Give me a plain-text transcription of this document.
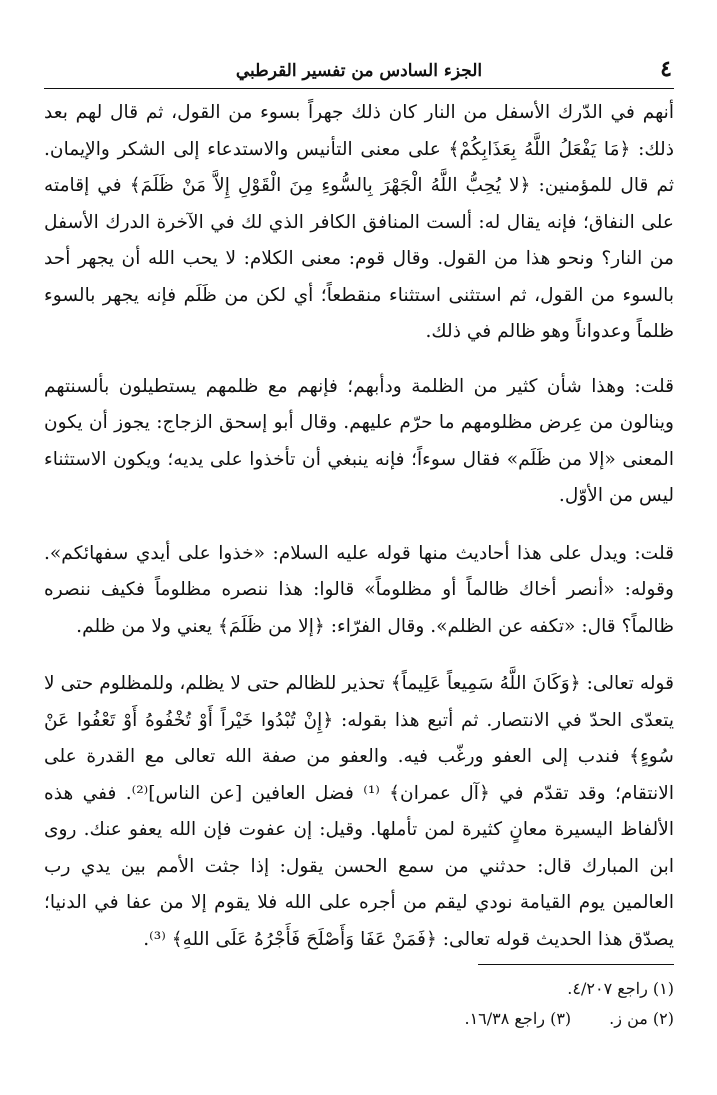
٤
الجزء السادس من تفسير القرطبي

أنهم في الدّرك الأسفل من النار كان ذلك جهراً بسوء من القول، ثم قال لهم بعد ذلك: ﴿مَا يَفْعَلُ اللَّهُ بِعَذَابِكُمْ﴾ على معنى التأنيس والاستدعاء إلى الشكر والإيمان. ثم قال للمؤمنين: ﴿لا يُحِبُّ اللَّهُ الْجَهْرَ بِالسُّوءِ مِنَ الْقَوْلِ إِلاَّ مَنْ ظَلَمَ﴾ في إقامته على النفاق؛ فإنه يقال له: ألست المنافق الكافر الذي لك في الآخرة الدرك الأسفل من النار؟ ونحو هذا من القول. وقال قوم: معنى الكلام: لا يحب الله أن يجهر أحد بالسوء من القول، ثم استثنى استثناء منقطعاً؛ أي لكن من ظَلَم فإنه يجهر بالسوء ظلماً وعدواناً وهو ظالم في ذلك.

قلت: وهذا شأن كثير من الظلمة ودأبهم؛ فإنهم مع ظلمهم يستطيلون بألسنتهم وينالون من عِرض مظلومهم ما حرّم عليهم. وقال أبو إسحق الزجاج: يجوز أن يكون المعنى «إلا من ظَلَم» فقال سوءاً؛ فإنه ينبغي أن تأخذوا على يديه؛ ويكون الاستثناء ليس من الأوّل.

قلت: ويدل على هذا أحاديث منها قوله عليه السلام: «خذوا على أيدي سفهائكم». وقوله: «أنصر أخاك ظالماً أو مظلوماً» قالوا: هذا ننصره مظلوماً فكيف ننصره ظالماً؟ قال: «تكفه عن الظلم». وقال الفرّاء: ﴿إلا من ظَلَمَ﴾ يعني ولا من ظلم.

قوله تعالى: ﴿وَكَانَ اللَّهُ سَمِيعاً عَلِيماً﴾ تحذير للظالم حتى لا يظلم، وللمظلوم حتى لا يتعدّى الحدّ في الانتصار. ثم أتبع هذا بقوله: ﴿إِنْ تُبْدُوا خَيْراً أَوْ تُخْفُوهُ أَوْ تَعْفُوا عَنْ سُوءٍ﴾ فندب إلى العفو ورغّب فيه. والعفو من صفة الله تعالى مع القدرة على الانتقام؛ وقد تقدّم في ﴿آل عمران﴾ ⁽¹⁾ فضل العافين [عن الناس]⁽²⁾. ففي هذه الألفاظ اليسيرة معانٍ كثيرة لمن تأملها. وقيل: إن عفوت فإن الله يعفو عنك. روى ابن المبارك قال: حدثني من سمع الحسن يقول: إذا جثت الأمم بين يدي رب العالمين يوم القيامة نودي ليقم من أجره على الله فلا يقوم إلا من عفا في الدنيا؛ يصدّق هذا الحديث قوله تعالى: ﴿فَمَنْ عَفَا وَأَصْلَحَ فَأَجْرُهُ عَلَى اللهِ﴾ ⁽³⁾.

(١) راجع ٤/٢٠٧.
(٢) من ز.(٣) راجع ١٦/٣٨.
